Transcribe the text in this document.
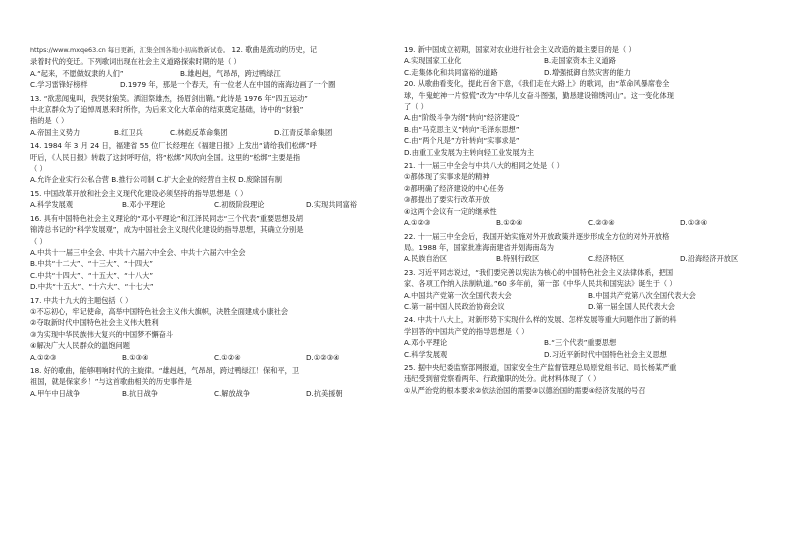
https://www.mxqe63.cn 每日更新，汇集全国各地小初高教新试卷。 12. 歌曲是流动的历史，记
录着时代的变迁。下列歌词出现在社会主义道路探索时期的是（ ）
A.“起来，不愿做奴隶的人们”	B.雄赳赳，气昂昂，跨过鸭绿江
C.学习雷锋好榜样	D.1979 年，那是一个春天，有一位老人在中国的南海边画了一个圈
13. “欲悲闻鬼叫，我哭豺狼笑。洒泪祭雄杰，扬眉剑出鞘。”此诗是 1976 年“四五运动”
中北京群众为了追悼周恩来时所作，为后来文化大革命的结束奠定基础，诗中的“豺狼”
指的是（ ）
A.帝国主义势力	B.红卫兵	C.林彪反革命集团	D.江青反革命集团
14. 1984 年 3 月 24 日，福建省 55 位厂长经理在《福建日报》上发出“请给我们松绑”呼
吁后，《人民日报》转载了这封呼吁信，将“松绑”风吹向全国。这里的“松绑”主要是指
（ ）
A.允许企业实行公私合营 B.推行公司制 C.扩大企业的经营自主权 D.废除国有制
15. 中国改革开放和社会主义现代化建设必须坚持的指导思想是（ ）
A.科学发展观	B.邓小平理论	C.初级阶段理论	D.实现共同富裕
16. 具有中国特色社会主义理论的“邓小平理论”和江泽民同志“三个代表”重要思想及胡
锦涛总书记的“科学发展观”，成为中国社会主义现代化建设的指导思想，其确立分别是
（ ）
A.中共十一届三中全会、中共十六届六中全会、中共十六届六中全会
B.中共“十二大”、“十三大”、“十四大”
C.中共“十四大”、“十五大”、“十八大”
D.中共“十五大”、“十六大”、“十七大”
17. 中共十九大的主题包括（ ）
①不忘初心，牢记使命，高举中国特色社会主义伟大旗帜，决胜全面建成小康社会
②夺取新时代中国特色社会主义伟大胜利
③为实现中华民族伟大复兴的中国梦不懈奋斗
④解决广大人民群众的温饱问题
A.①②③	B.①③④	C.①②④	D.①②③④
18. 好的歌曲，能够唱响时代的主旋律。“雄赳赳，气昂昂，跨过鸭绿江！保和平，卫
祖国，就是保家乡！”与这首歌曲相关的历史事件是
A.甲午中日战争	B.抗日战争	C.解放战争	D.抗美援朝
19. 新中国成立初期，国家对农业进行社会主义改造的最主要目的是（ ）
A.实现国家工业化	B.走国家资本主义道路
C.走集体化和共同富裕的道路	D.增强抵御自然灾害的能力
20. 从歌曲看变化，提此百舍下意，《我们走在大路上》的歌词，由“革命风暴席卷全
球，牛鬼蛇神一片惊慌”改为“中华儿女奋斗图强，勤恳建设锦绣河山”。这一变化体现
了（ ）
A.由“阶级斗争为纲”转向“经济建设”
B.由“马克思主义”转向“毛泽东思想”
C.由“两个凡是”方针转向“实事求是”
D.由重工业发展为主转向轻工业发展为主
21. 十一届三中全会与中共八大的相同之处是（ ）
①都体现了实事求是的精神
②都明确了经济建设的中心任务
③都提出了要实行改革开放
④这两个会议有一定的继承性
A.①②③	B.①②④	C.②③④	D.①③④
22. 十一届三中全会后，我国开始实施对外开放政策并逐步形成全方位的对外开放格
局。1988 年，国家批准海南建省并划海南岛为
A.民族自治区	B.特别行政区	C.经济特区	D.沿海经济开放区
23. 习近平同志说过，“我们要完善以宪法为核心的中国特色社会主义法律体系，把国
家、各项工作纳入法制轨道。”60 多年前，第一部《中华人民共和国宪法》诞生于（ ）
A.中国共产党第一次全国代表大会	B.中国共产党第八次全国代表大会
C.第一届中国人民政治协商会议	D.第一届全国人民代表大会
24. 中共十八大上，对新形势下实现什么样的发展、怎样发展等重大问题作出了新的科
学回答的中国共产党的指导思想是（ ）
A.邓小平理论	B.“三个代表”重要思想
C.科学发展观	D.习近平新时代中国特色社会主义思想
25. 据中央纪委监察部网报道，国家安全生产监督管理总局原党组书记、局长杨某严重
违纪受到留党察看两年、行政撤职的处分。此材料体现了（ ）
①从严治党的根本要求②依法治国的需要③以德治国的需要④经济发展的号召
